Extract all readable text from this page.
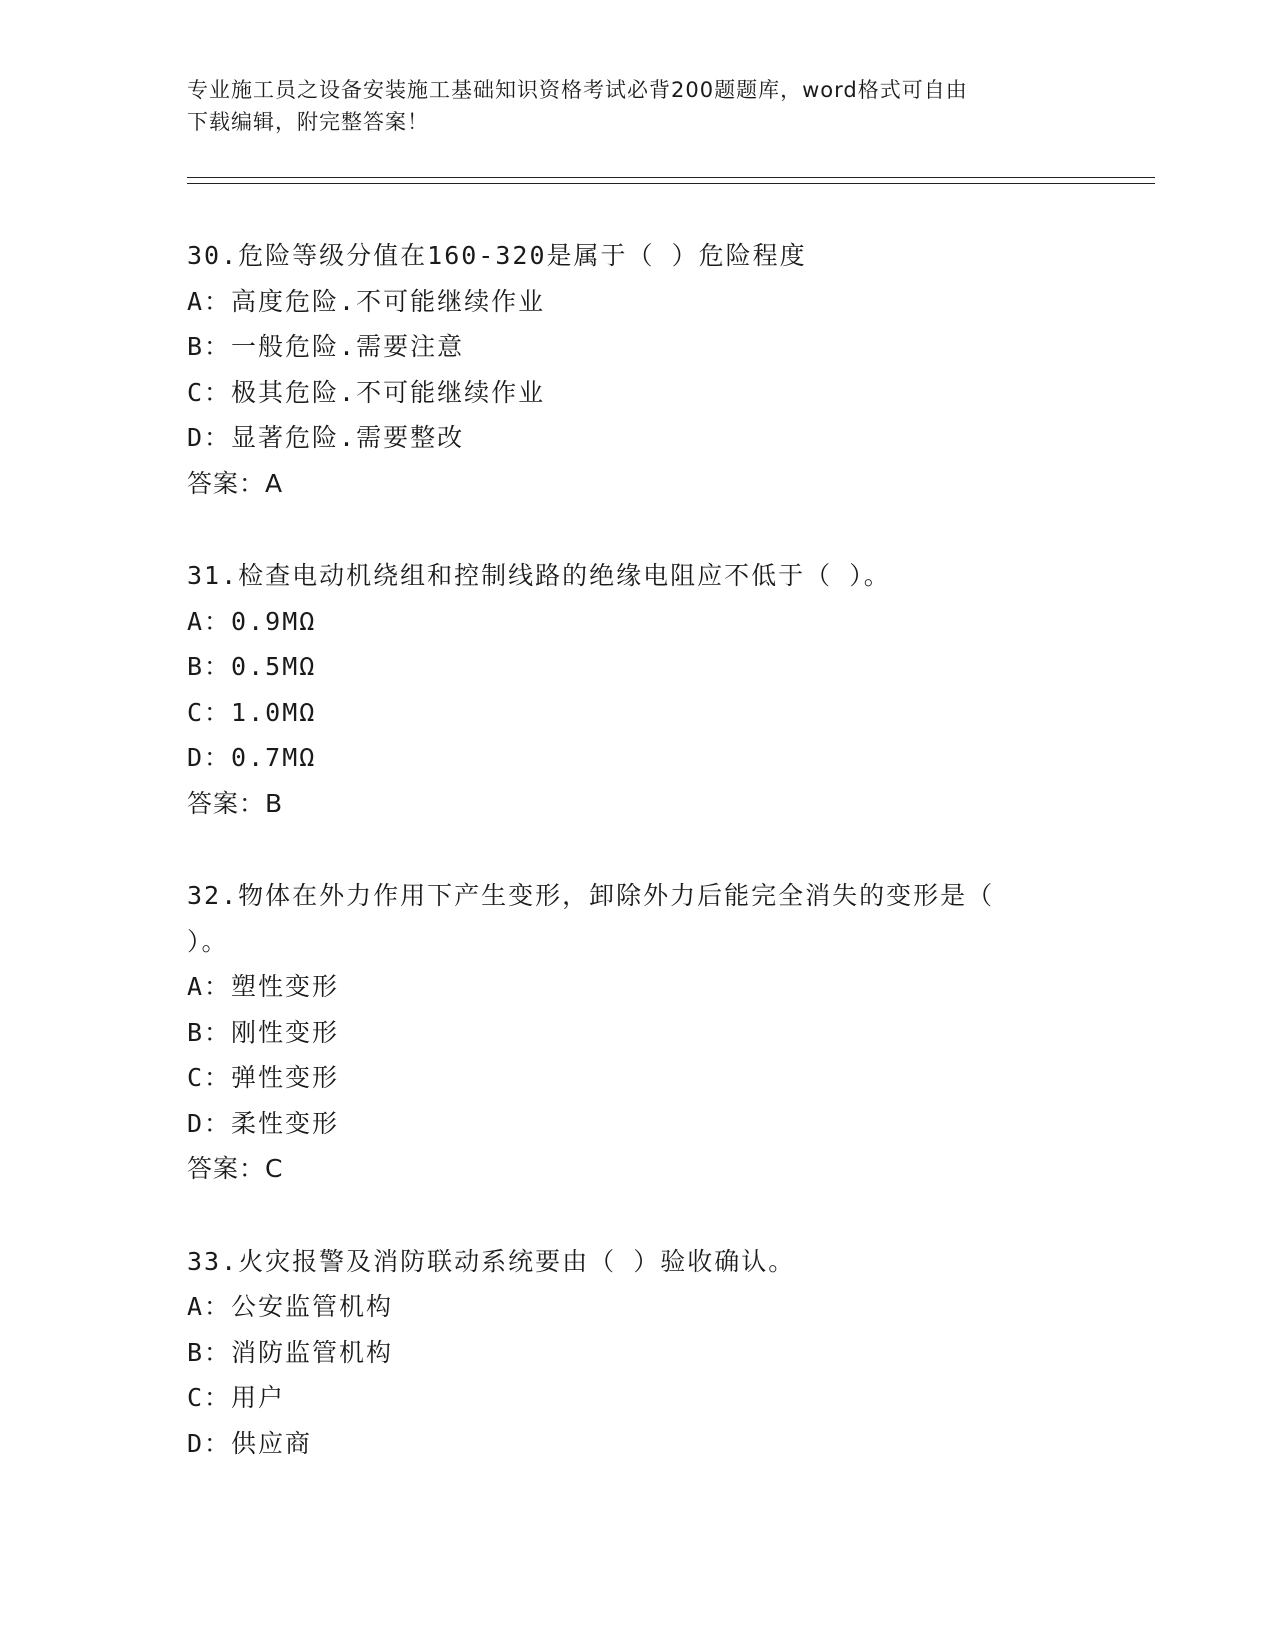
专业施工员之设备安装施工基础知识资格考试必背200题题库，word格式可自由
下载编辑，附完整答案！
30.危险等级分值在160-320是属于（ ）危险程度
A：高度危险.不可能继续作业
B：一般危险.需要注意
C：极其危险.不可能继续作业
D：显著危险.需要整改
答案：A
31.检查电动机绕组和控制线路的绝缘电阻应不低于（ ）。
A：0.9MΩ
B：0.5MΩ
C：1.0MΩ
D：0.7MΩ
答案：B
32.物体在外力作用下产生变形，卸除外力后能完全消失的变形是（
）。
A：塑性变形
B：刚性变形
C：弹性变形
D：柔性变形
答案：C
33.火灾报警及消防联动系统要由（ ）验收确认。
A：公安监管机构
B：消防监管机构
C：用户
D：供应商
